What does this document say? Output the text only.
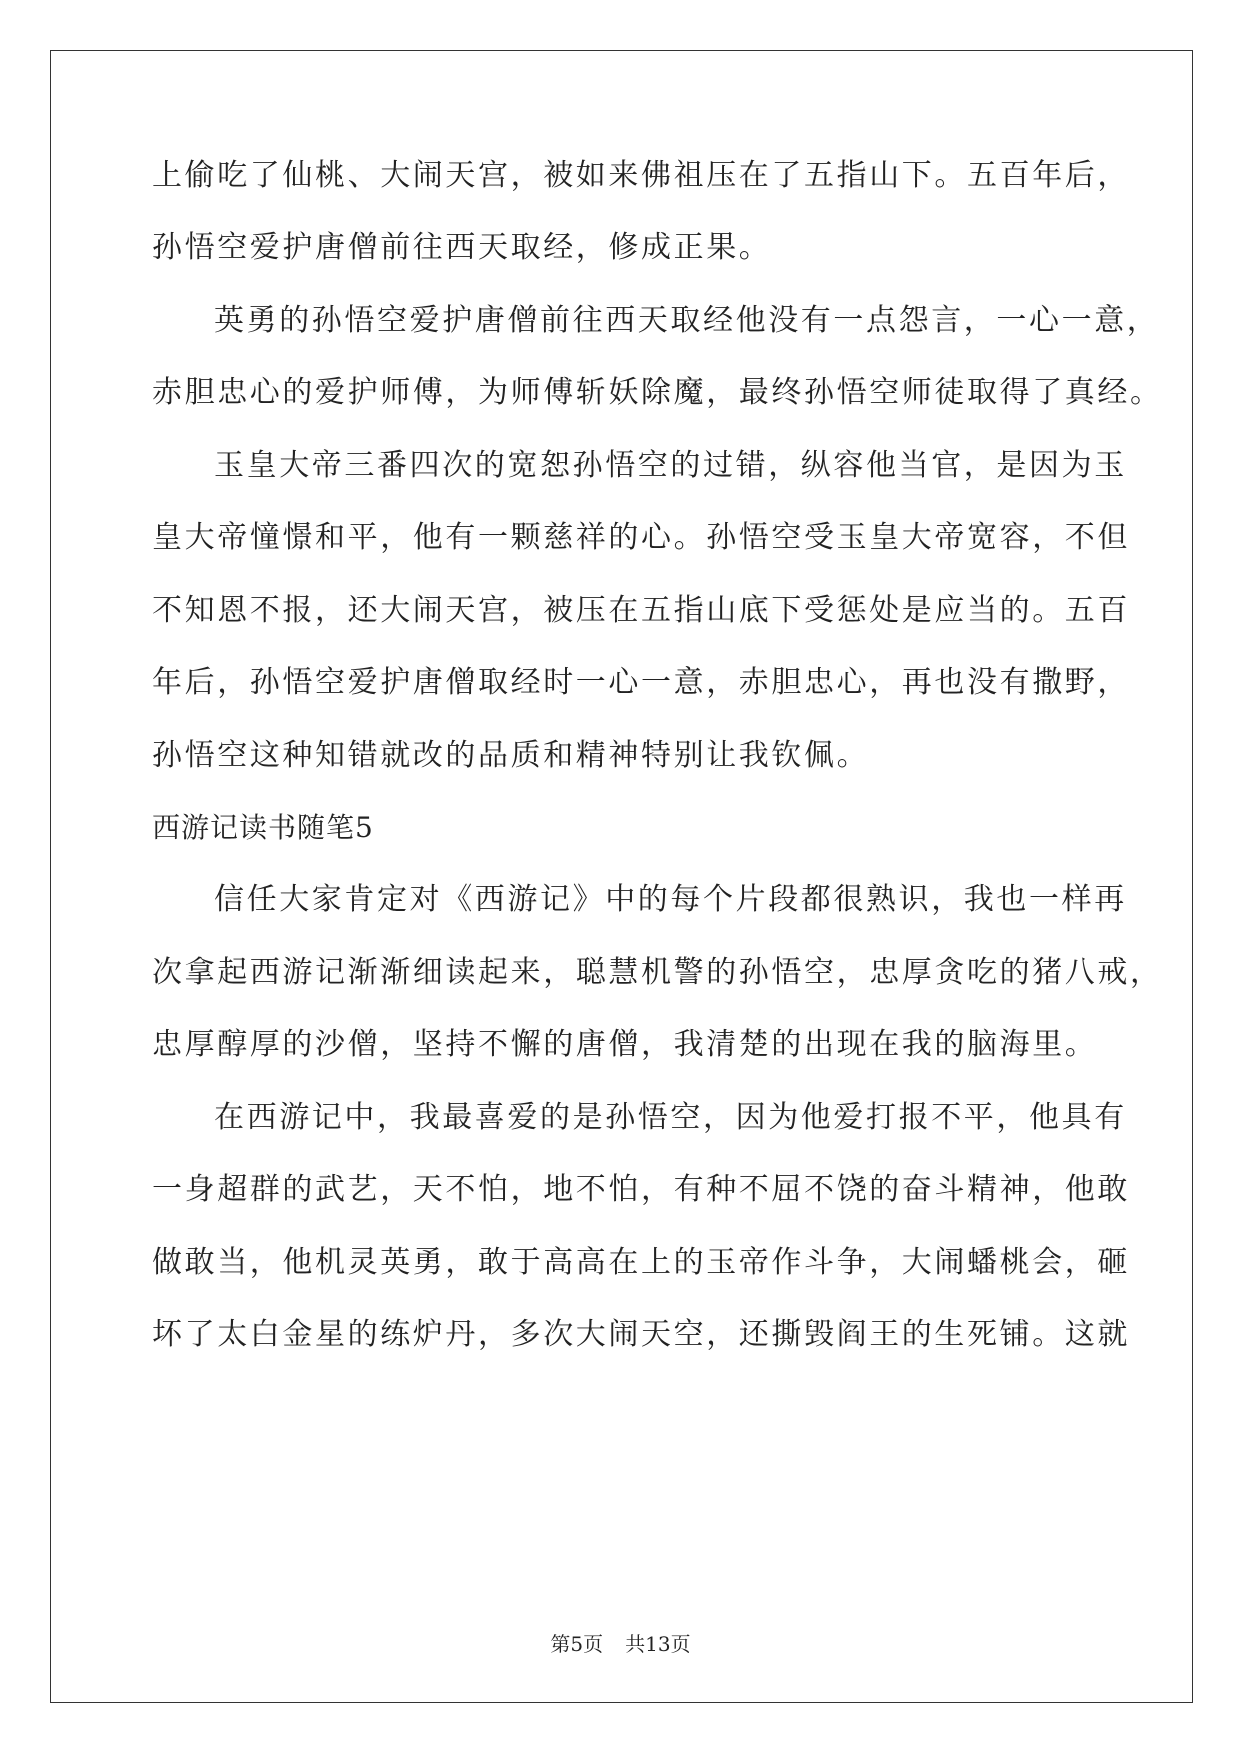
上偷吃了仙桃、大闹天宫，被如来佛祖压在了五指山下。五百年后，
孙悟空爱护唐僧前往西天取经，修成正果。
英勇的孙悟空爱护唐僧前往西天取经他没有一点怨言，一心一意，
赤胆忠心的爱护师傅，为师傅斩妖除魔，最终孙悟空师徒取得了真经。
玉皇大帝三番四次的宽恕孙悟空的过错，纵容他当官，是因为玉
皇大帝憧憬和平，他有一颗慈祥的心。孙悟空受玉皇大帝宽容，不但
不知恩不报，还大闹天宫，被压在五指山底下受惩处是应当的。五百
年后，孙悟空爱护唐僧取经时一心一意，赤胆忠心，再也没有撒野，
孙悟空这种知错就改的品质和精神特别让我钦佩。
西游记读书随笔5
信任大家肯定对《西游记》中的每个片段都很熟识，我也一样再
次拿起西游记渐渐细读起来，聪慧机警的孙悟空，忠厚贪吃的猪八戒，
忠厚醇厚的沙僧，坚持不懈的唐僧，我清楚的出现在我的脑海里。
在西游记中，我最喜爱的是孙悟空，因为他爱打报不平，他具有
一身超群的武艺，天不怕，地不怕，有种不屈不饶的奋斗精神，他敢
做敢当，他机灵英勇，敢于高高在上的玉帝作斗争，大闹蟠桃会，砸
坏了太白金星的练炉丹，多次大闹天空，还撕毁阎王的生死铺。这就
第5页 共13页
